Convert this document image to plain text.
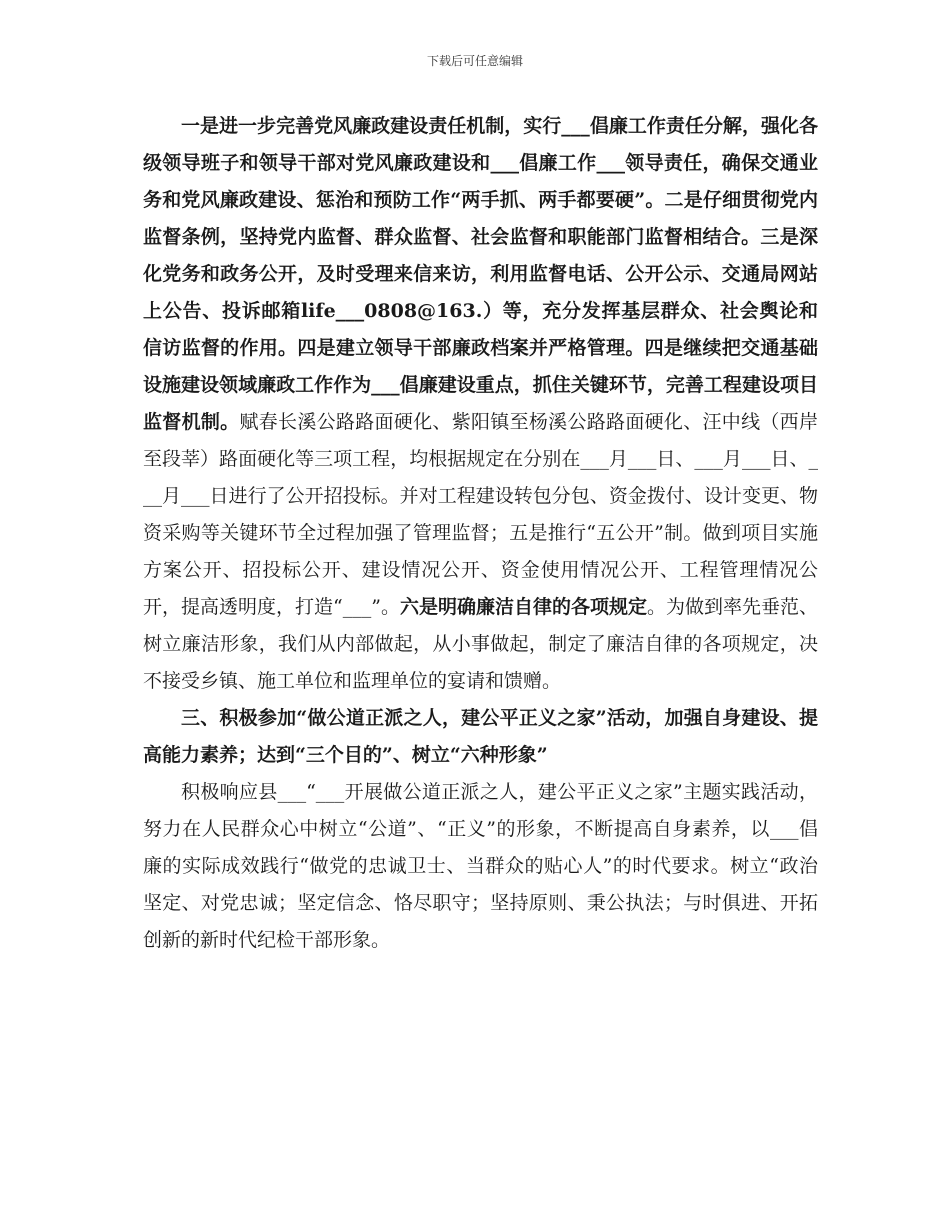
下载后可任意编辑

一是进一步完善党风廉政建设责任机制，实行___倡廉工作责任分解，强化各级领导班子和领导干部对党风廉政建设和___倡廉工作___领导责任，确保交通业务和党风廉政建设、惩治和预防工作“两手抓、两手都要硬”。二是仔细贯彻党内监督条例，坚持党内监督、群众监督、社会监督和职能部门监督相结合。三是深化党务和政务公开，及时受理来信来访，利用监督电话、公开公示、交通局网站上公告、投诉邮箱life___0808@163.）等，充分发挥基层群众、社会舆论和信访监督的作用。四是建立领导干部廉政档案并严格管理。四是继续把交通基础设施建设领域廉政工作作为___倡廉建设重点，抓住关键环节，完善工程建设项目监督机制。赋春长溪公路路面硬化、紫阳镇至杨溪公路路面硬化、汪中线（西岸至段莘）路面硬化等三项工程，均根据规定在分别在___月___日、___月___日、___月___日进行了公开招投标。并对工程建设转包分包、资金拨付、设计变更、物资采购等关键环节全过程加强了管理监督；五是推行“五公开”制。做到项目实施方案公开、招投标公开、建设情况公开、资金使用情况公开、工程管理情况公开，提高透明度，打造“___”。六是明确廉洁自律的各项规定。为做到率先垂范、树立廉洁形象，我们从内部做起，从小事做起，制定了廉洁自律的各项规定，决不接受乡镇、施工单位和监理单位的宴请和馈赠。

三、积极参加“做公道正派之人，建公平正义之家”活动，加强自身建设、提高能力素养；达到“三个目的”、树立“六种形象”

积极响应县___“___开展做公道正派之人，建公平正义之家”主题实践活动，努力在人民群众心中树立“公道”、“正义”的形象，不断提高自身素养，以___倡廉的实际成效践行“做党的忠诚卫士、当群众的贴心人”的时代要求。树立“政治坚定、对党忠诚；坚定信念、恪尽职守；坚持原则、秉公执法；与时俱进、开拓创新的新时代纪检干部形象。
